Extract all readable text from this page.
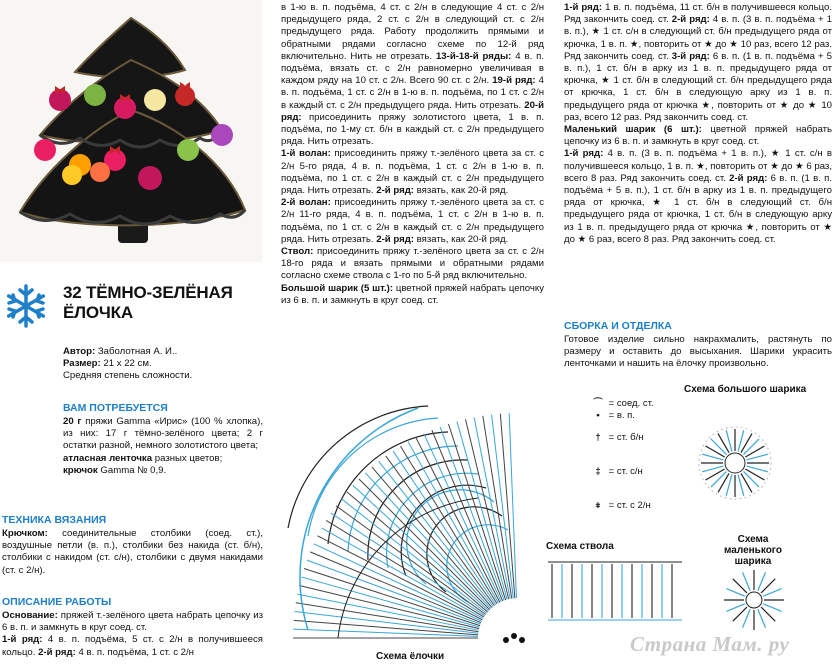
32 ТЁМНО-ЗЕЛЁНАЯ
ЁЛОЧКА

Автор: Заболотная А. И..

Размер: 21 x 22 см.

Средняя степень сложности.

ВАМ ПОТРЕБУЕТСЯ

20 г пряжи Gamma «Ирис» (100 % хлопка), из них: 17 г тёмно-зелёного цвета; 2 г остатки разной, немного золотистого цвета;

атласная ленточка разных цветов;

крючок Gamma № 0,9.

ТЕХНИКА ВЯЗАНИЯ

Крючком: соединительные столбики (соед. ст.), воздушные петли (в. п.), столбики без накида (ст. б/н), столбики с накидом (ст. с/н), столбики с двумя накидами (ст. с 2/н).

ОПИСАНИЕ РАБОТЫ

Основание: пряжей т.-зелёного цвета набрать цепочку из 6 в. п. и замкнуть в круг соед. ст.

1-й ряд: 4 в. п. подъёма, 5 ст. с 2/н в получившееся кольцо. 2-й ряд: 4 в. п. подъёма, 1 ст. с 2/н

в 1-ю в. п. подъёма, 4 ст. с 2/н в следующие 4 ст. с 2/н предыдущего ряда, 2 ст. с 2/н в следующий ст. с 2/н предыдущего ряда. Работу продолжить прямыми и обратными рядами согласно схеме по 12-й ряд включительно. Нить не отрезать. 13-й-18-й ряды: 4 в. п. подъёма, вязать ст. с 2/н равномерно увеличивая в каждом ряду на 10 ст. с 2/н. Всего 90 ст. с 2/н. 19-й ряд: 4 в. п. подъёма, 1 ст. с 2/н в 1-ю в. п. подъёма, по 1 ст. с 2/н в каждый ст. с 2/н предыдущего ряда. Нить отрезать. 20-й ряд: присоединить пряжу золотистого цвета, 1 в. п. подъёма, по 1-му ст. б/н в каждый ст. с 2/н предыдущего ряда. Нить отрезать.

1-й волан: присоединить пряжу т.-зелёного цвета за ст. с 2/н 5-го ряда, 4 в. п. подъёма, 1 ст. с 2/н в 1-ю в. п. подъёма, по 1 ст. с 2/н в каждый ст. с 2/н предыдущего ряда. Нить отрезать. 2-й ряд: вязать, как 20-й ряд.

2-й волан: присоединить пряжу т.-зелёного цвета за ст. с 2/н 11-го ряда, 4 в. п. подъёма, 1 ст. с 2/н в 1-ю в. п. подъёма, по 1 ст. с 2/н в каждый ст. с 2/н предыдущего ряда. Нить отрезать. 2-й ряд: вязать, как 20-й ряд.

Ствол: присоединить пряжу т.-зелёного цвета за ст. с 2/н 18-го ряда и вязать прямыми и обратными рядами согласно схеме ствола с 1-го по 5-й ряд включительно.

Большой шарик (5 шт.): цветной пряжей набрать цепочку из 6 в. п. и замкнуть в круг соед. ст.

1-й ряд: 1 в. п. подъёма, 11 ст. б/н в получившееся кольцо. Ряд закончить соед. ст. 2-й ряд: 4 в. п. (3 в. п. подъёма + 1 в. п.), ★ 1 ст. с/н в следующий ст. б/н предыдущего ряда от крючка, 1 в. п. ★, повторить от ★ до ★ 10 раз, всего 12 раз. Ряд закончить соед. ст. 3-й ряд: 6 в. п. (1 в. п. подъёма + 5 в. п.), 1 ст. б/н в арку из 1 в. п. предыдущего ряда от крючка, ★ 1 ст. б/н в следующий ст. б/н предыдущего ряда от крючка, 1 ст. б/н в следующую арку из 1 в. п. предыдущего ряда от крючка ★, повторить от ★ до ★ 10 раз, всего 12 раз. Ряд закончить соед. ст.

Маленький шарик (6 шт.): цветной пряжей набрать цепочку из 6 в. п. и замкнуть в круг соед. ст.

1-й ряд: 4 в. п. (3 в. п. подъёма + 1 в. п.), ★ 1 ст. с/н в получившееся кольцо, 1 в. п. ★, повторить от ★ до ★ 6 раз, всего 8 раз. Ряд закончить соед. ст. 2-й ряд: 6 в. п. (1 в. п. подъёма + 5 в. п.), 1 ст. б/н в арку из 1 в. п. предыдущего ряда от крючка, ★ 1 ст. б/н в следующий ст. б/н предыдущего ряда от крючка, 1 ст. б/н в следующую арку из 1 в. п. предыдущего ряда от крючка ★, повторить от ★ до ★ 6 раз, всего 8 раз. Ряд закончить соед. ст.

СБОРКА И ОТДЕЛКА
Готовое изделие сильно накрахмалить, растянуть по размеру и оставить до высыхания. Шарики украсить ленточками и нашить на ёлочку произвольно.
Схема ёлочки
⌒ = соед. ст.
• = в. п.
† = ст. б/н
‡ = ст. с/н
⧧ = ст. с 2/н
Схема большого шарика
Схема ствола
Схема маленького
шарика
Страна Мам. ру
